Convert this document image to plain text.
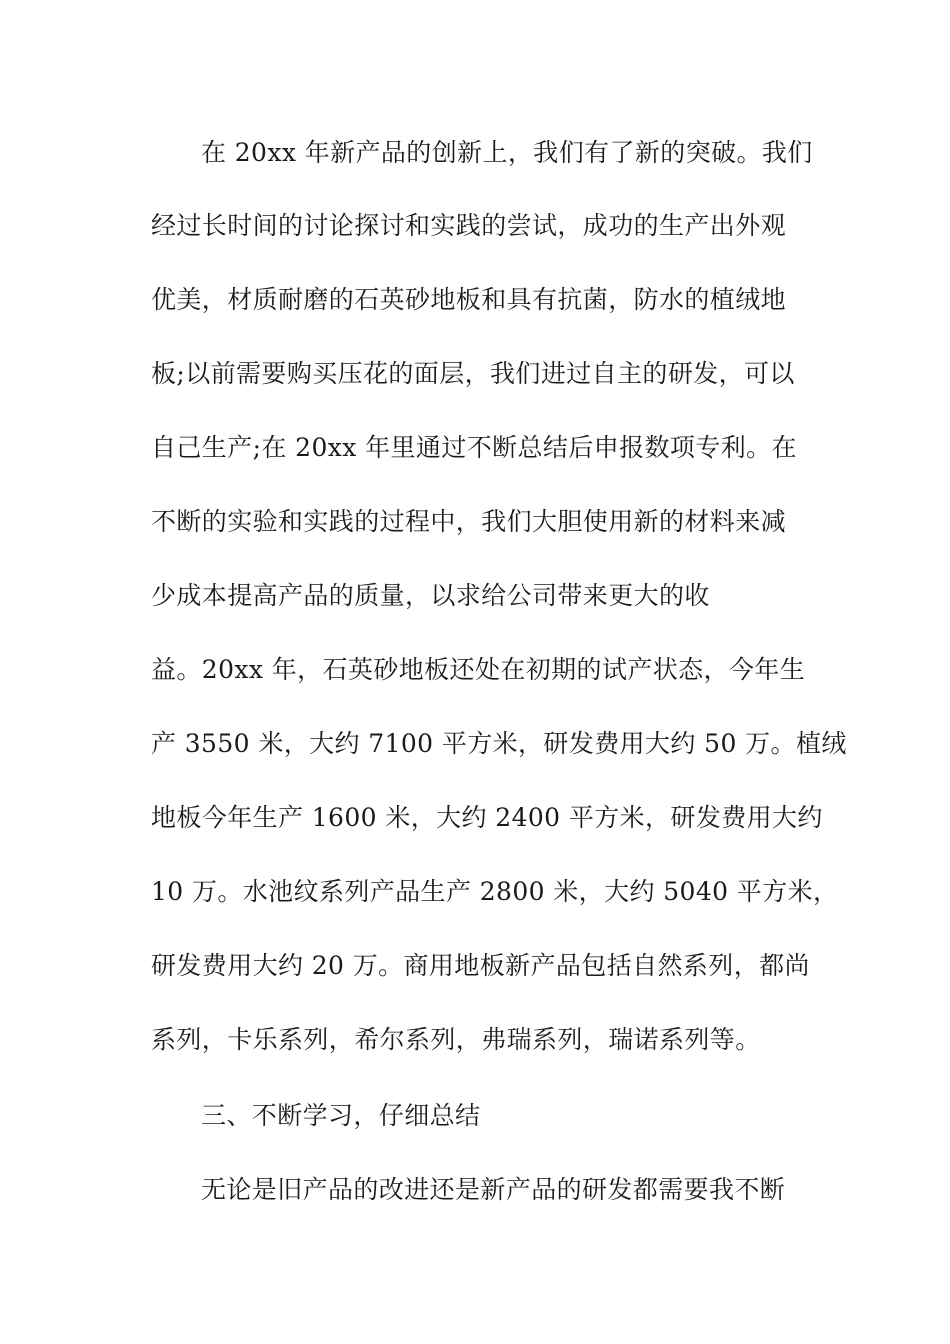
在 20xx 年新产品的创新上，我们有了新的突破。我们
经过长时间的讨论探讨和实践的尝试，成功的生产出外观
优美，材质耐磨的石英砂地板和具有抗菌，防水的植绒地
板;以前需要购买压花的面层，我们进过自主的研发，可以
自己生产;在 20xx 年里通过不断总结后申报数项专利。在
不断的实验和实践的过程中，我们大胆使用新的材料来减
少成本提高产品的质量，以求给公司带来更大的收
益。20xx 年，石英砂地板还处在初期的试产状态，今年生
产 3550 米，大约 7100 平方米，研发费用大约 50 万。植绒
地板今年生产 1600 米，大约 2400 平方米，研发费用大约
10 万。水池纹系列产品生产 2800 米，大约 5040 平方米，
研发费用大约 20 万。商用地板新产品包括自然系列，都尚
系列，卡乐系列，希尔系列，弗瑞系列，瑞诺系列等。
三、不断学习，仔细总结
无论是旧产品的改进还是新产品的研发都需要我不断
